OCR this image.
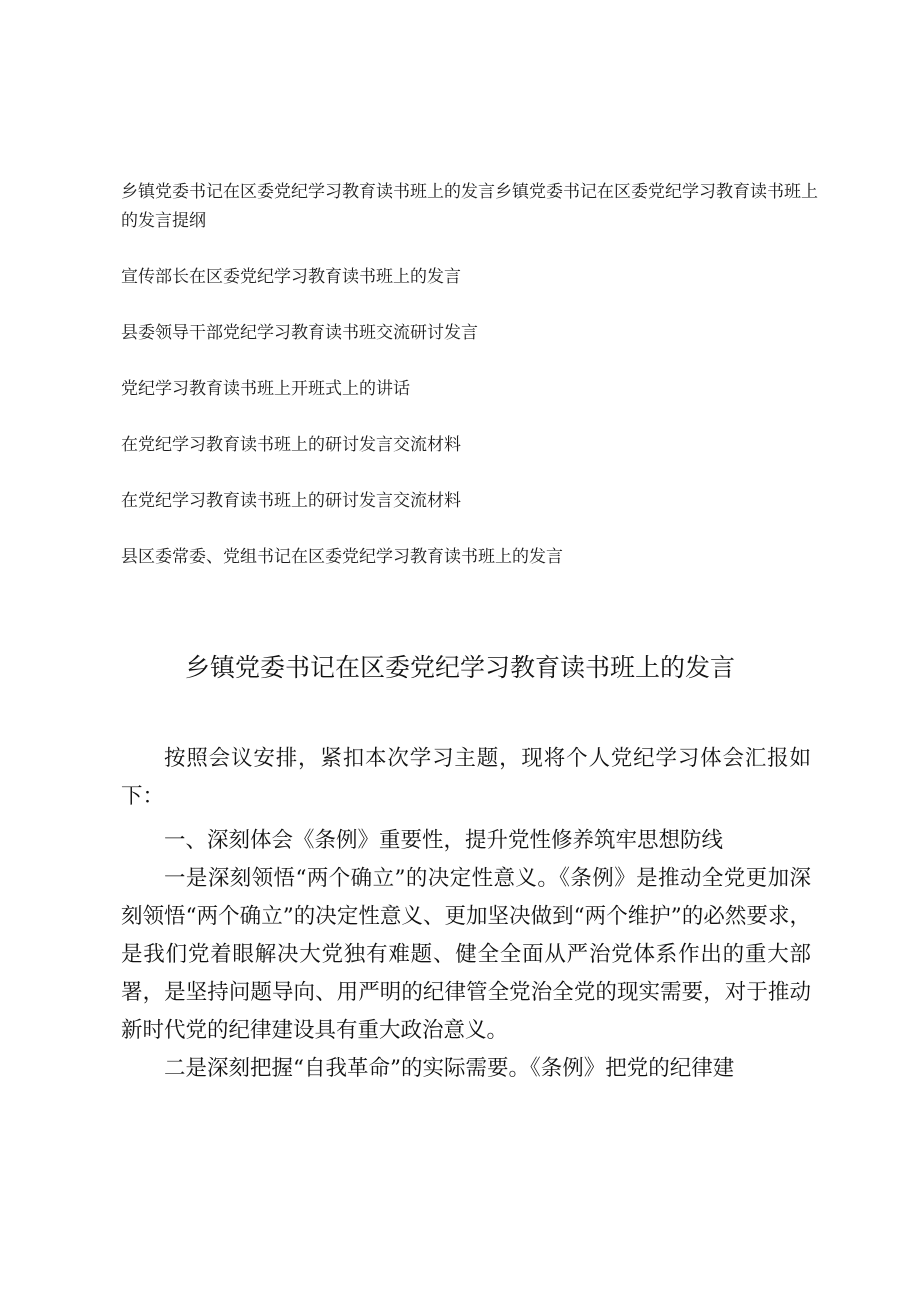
乡镇党委书记在区委党纪学习教育读书班上的发言乡镇党委书记在区委党纪学习教育读书班上的发言提纲

宣传部长在区委党纪学习教育读书班上的发言

县委领导干部党纪学习教育读书班交流研讨发言

党纪学习教育读书班上开班式上的讲话

在党纪学习教育读书班上的研讨发言交流材料

在党纪学习教育读书班上的研讨发言交流材料

县区委常委、党组书记在区委党纪学习教育读书班上的发言

乡镇党委书记在区委党纪学习教育读书班上的发言

按照会议安排，紧扣本次学习主题，现将个人党纪学习体会汇报如下：

一、深刻体会《条例》重要性，提升党性修养筑牢思想防线

一是深刻领悟“两个确立”的决定性意义。《条例》是推动全党更加深刻领悟“两个确立”的决定性意义、更加坚决做到“两个维护”的必然要求，是我们党着眼解决大党独有难题、健全全面从严治党体系作出的重大部署，是坚持问题导向、用严明的纪律管全党治全党的现实需要，对于推动新时代党的纪律建设具有重大政治意义。

二是深刻把握“自我革命”的实际需要。《条例》把党的纪律建
